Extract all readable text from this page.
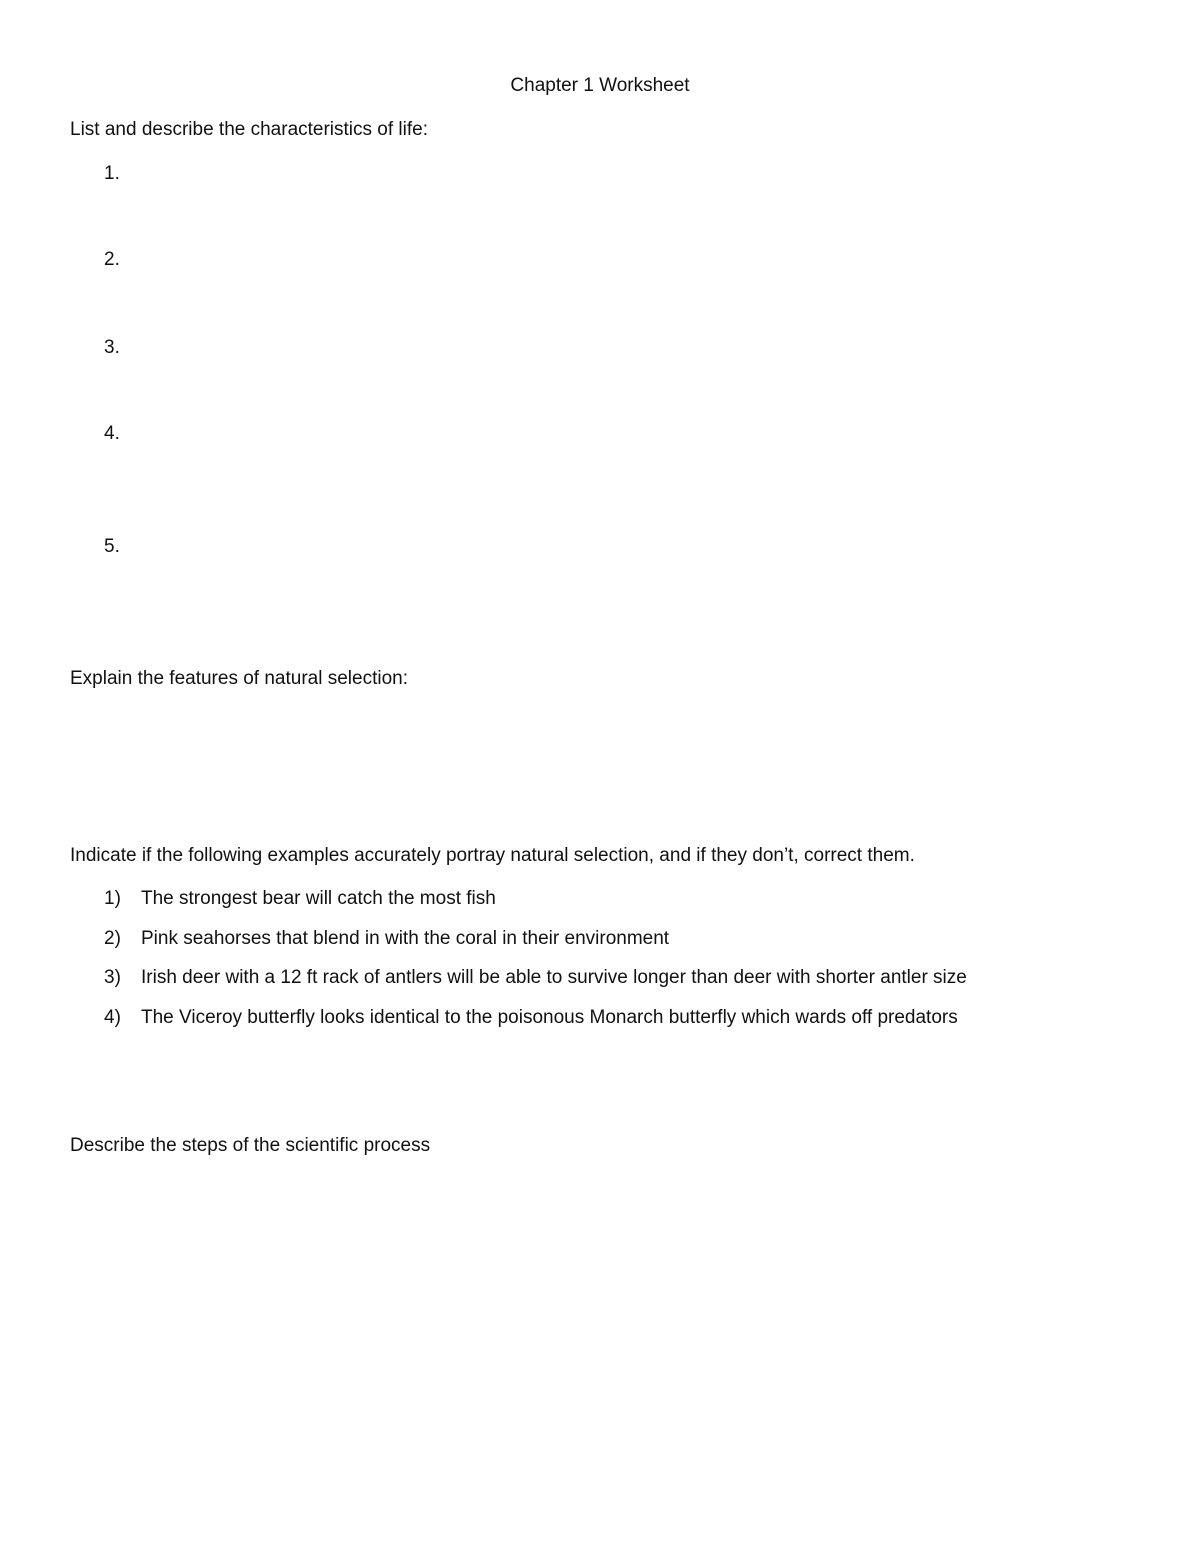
Chapter 1 Worksheet
List and describe the characteristics of life:
1.
2.
3.
4.
5.
Explain the features of natural selection:
Indicate if the following examples accurately portray natural selection, and if they don’t, correct them.
1) The strongest bear will catch the most fish
2) Pink seahorses that blend in with the coral in their environment
3) Irish deer with a 12 ft rack of antlers will be able to survive longer than deer with shorter antler size
4) The Viceroy butterfly looks identical to the poisonous Monarch butterfly which wards off predators
Describe the steps of the scientific process
